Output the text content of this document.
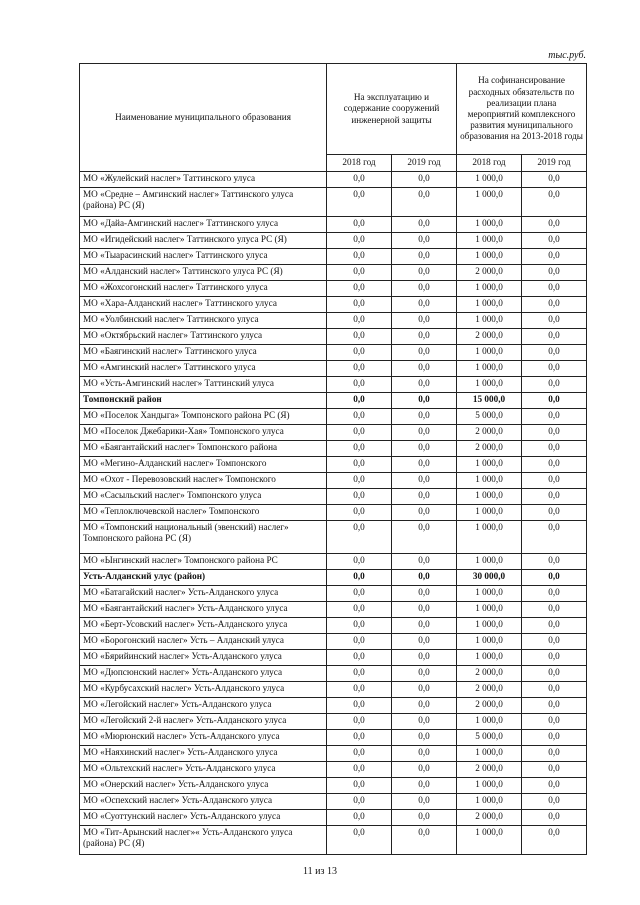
тыс.руб.
Наименование муниципального образования	На эксплуатацию и содержание сооружений инженерной защиты		На софинансирование расходных обязательств по реализации плана мероприятий комплексного развития муниципального образования на 2013-2018 годы	
	2018 год	2019 год	2018 год	2019 год
МО «Жулейский наслег» Таттинского улуса	0,0	0,0	1 000,0	0,0
МО «Средне – Амгинский наслег» Таттинского улуса (района) РС (Я)	0,0	0,0	1 000,0	0,0
МО «Дайа-Амгинский наслег» Таттинского улуса	0,0	0,0	1 000,0	0,0
МО «Игидейский наслег» Таттинского улуса РС (Я)	0,0	0,0	1 000,0	0,0
МО «Тыарасинский наслег» Таттинского улуса	0,0	0,0	1 000,0	0,0
МО «Алданский наслег» Таттинского улуса РС (Я)	0,0	0,0	2 000,0	0,0
МО «Жохсогонский наслег» Таттинского улуса	0,0	0,0	1 000,0	0,0
МО «Хара-Алданский наслег» Таттинского улуса	0,0	0,0	1 000,0	0,0
МО «Уолбинский наслег» Таттинского улуса	0,0	0,0	1 000,0	0,0
МО «Октябрьский наслег» Таттинского улуса	0,0	0,0	2 000,0	0,0
МО «Баягинский наслег» Таттинского улуса	0,0	0,0	1 000,0	0,0
МО «Амгинский наслег» Таттинского улуса	0,0	0,0	1 000,0	0,0
МО «Усть-Амгинский наслег» Таттинский улуса	0,0	0,0	1 000,0	0,0
Томпонский район	0,0	0,0	15 000,0	0,0
МО «Поселок Хандыга» Томпонского района РС (Я)	0,0	0,0	5 000,0	0,0
МО «Поселок Джебарики-Хая» Томпонского улуса	0,0	0,0	2 000,0	0,0
МО «Баягантайский наслег» Томпонского района	0,0	0,0	2 000,0	0,0
МО «Мегино-Алданский наслег» Томпонского	0,0	0,0	1 000,0	0,0
МО «Охот - Перевозовский наслег» Томпонского	0,0	0,0	1 000,0	0,0
МО «Сасыльский наслег» Томпонского улуса	0,0	0,0	1 000,0	0,0
МО «Теплоключевской наслег» Томпонского	0,0	0,0	1 000,0	0,0
МО «Томпонский национальный (эвенский) наслег» Томпонского района РС (Я)	0,0	0,0	1 000,0	0,0
МО «Ынгинский наслег» Томпонского района РС	0,0	0,0	1 000,0	0,0
Усть-Алданский улус (район)	0,0	0,0	30 000,0	0,0
МО «Батагайский наслег» Усть-Алданского улуса	0,0	0,0	1 000,0	0,0
МО «Баягантайский наслег» Усть-Алданского улуса	0,0	0,0	1 000,0	0,0
МО «Берт-Усовский наслег» Усть-Алданского улуса	0,0	0,0	1 000,0	0,0
МО «Борогонский наслег» Усть – Алданский улуса	0,0	0,0	1 000,0	0,0
МО «Бярийинский наслег» Усть-Алданского улуса	0,0	0,0	1 000,0	0,0
МО «Дюпсюнский наслег» Усть-Алданского улуса	0,0	0,0	2 000,0	0,0
МО «Курбусахский наслег» Усть-Алданского улуса	0,0	0,0	2 000,0	0,0
МО «Легойский наслег» Усть-Алданского улуса	0,0	0,0	2 000,0	0,0
МО «Легойский 2-й наслег» Усть-Алданского улуса	0,0	0,0	1 000,0	0,0
МО «Мюрюнский наслег» Усть-Алданского улуса	0,0	0,0	5 000,0	0,0
МО «Наяхинский наслег» Усть-Алданского улуса	0,0	0,0	1 000,0	0,0
МО «Ольтехский наслег» Усть-Алданского улуса	0,0	0,0	2 000,0	0,0
МО «Онерский наслег» Усть-Алданского улуса	0,0	0,0	1 000,0	0,0
МО «Оспехский наслег» Усть-Алданского улуса	0,0	0,0	1 000,0	0,0
МО «Суоттунский наслег» Усть-Алданского улуса	0,0	0,0	2 000,0	0,0
МО «Тит-Арынский наслег»« Усть-Алданского улуса (района) РС (Я)	0,0	0,0	1 000,0	0,0
11 из 13
